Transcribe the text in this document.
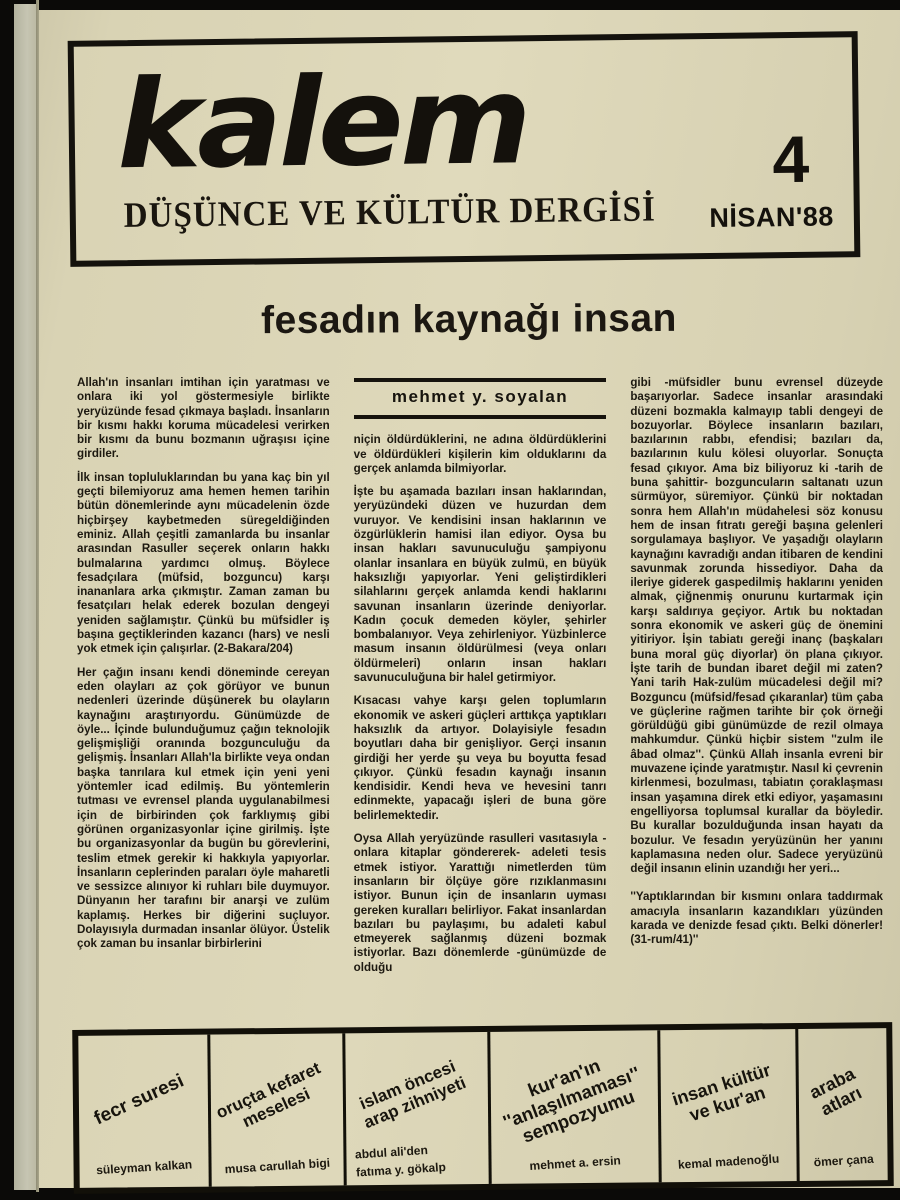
kalem
DÜŞÜNCE VE KÜLTÜR DERGİSİ
4
NİSAN'88
fesadın kaynağı insan

Allah'ın insanları imtihan için yaratması ve onlara iki yol göstermesiyle birlikte yeryüzünde fesad çıkmaya başladı. İnsanların bir kısmı hakkı koruma mücadelesi verirken bir kısmı da bunu bozmanın uğraşısı içine girdiler.

İlk insan topluluklarından bu yana kaç bin yıl geçti bilemiyoruz ama hemen hemen tarihin bütün dönemlerinde aynı mücadelenin özde hiçbirşey kaybetmeden süregeldiğinden eminiz. Allah çeşitli zamanlarda bu insanlar arasından Rasuller seçerek onların hakkı bulmalarına yardımcı olmuş. Böylece fesadçılara (müfsid, bozguncu) karşı inananlara arka çıkmıştır. Zaman zaman bu fesatçıları helak ederek bozulan dengeyi yeniden sağlamıştır. Çünkü bu müfsidler iş başına geçtiklerinden kazancı (hars) ve nesli yok etmek için çalışırlar. (2-Bakara/204)

Her çağın insanı kendi döneminde cereyan eden olayları az çok görüyor ve bunun nedenleri üzerinde düşünerek bu olayların kaynağını araştırıyordu. Günümüzde de öyle... İçinde bulunduğumuz çağın teknolojik gelişmişliği oranında bozgunculuğu da gelişmiş. İnsanları Allah'la birlikte veya ondan başka tanrılara kul etmek için yeni yeni yöntemler icad edilmiş. Bu yöntemlerin tutması ve evrensel planda uygulanabilmesi için de birbirinden çok farklıymış gibi görünen organizasyonlar içine girilmiş. İşte bu organizasyonlar da bugün bu görevlerini, teslim etmek gerekir ki hakkıyla yapıyorlar. İnsanların ceplerinden paraları öyle maharetli ve sessizce alınıyor ki ruhları bile duymuyor. Dünyanın her tarafını bir anarşi ve zulüm kaplamış. Herkes bir diğerini suçluyor. Dolayısıyla durmadan insanlar ölüyor. Üstelik çok zaman bu insanlar birbirlerini

mehmet y. soyalan

niçin öldürdüklerini, ne adına öldürdüklerini ve öldürdükleri kişilerin kim olduklarını da gerçek anlamda bilmiyorlar.

İşte bu aşamada bazıları insan haklarından, yeryüzündeki düzen ve huzurdan dem vuruyor. Ve kendisini insan haklarının ve özgürlüklerin hamisi ilan ediyor. Oysa bu insan hakları savunuculuğu şampiyonu olanlar insanlara en büyük zulmü, en büyük haksızlığı yapıyorlar. Yeni geliştirdikleri silahlarını gerçek anlamda kendi haklarını savunan insanların üzerinde deniyorlar. Kadın çocuk demeden köyler, şehirler bombalanıyor. Veya zehirleniyor. Yüzbinlerce masum insanın öldürülmesi (veya onları öldürmeleri) onların insan hakları savunuculuğuna bir halel getirmiyor.

Kısacası vahye karşı gelen toplumların ekonomik ve askeri güçleri arttıkça yaptıkları haksızlık da artıyor. Dolayisiyle fesadın boyutları daha bir genişliyor. Gerçi insanın girdiği her yerde şu veya bu boyutta fesad çıkıyor. Çünkü fesadın kaynağı insanın kendisidir. Kendi heva ve hevesini tanrı edinmekte, yapacağı işleri de buna göre belirlemektedir.

Oysa Allah yeryüzünde rasulleri vasıtasıyla -onlara kitaplar göndererek- adeleti tesis etmek istiyor. Yarattığı nimetlerden tüm insanların bir ölçüye göre rızıklanmasını istiyor. Bunun için de insanların uyması gereken kuralları belirliyor. Fakat insanlardan bazıları bu paylaşımı, bu adaleti kabul etmeyerek sağlanmış düzeni bozmak istiyorlar. Bazı dönemlerde -günümüzde de olduğu

gibi -müfsidler bunu evrensel düzeyde başarıyorlar. Sadece insanlar arasındaki düzeni bozmakla kalmayıp tabli dengeyi de bozuyorlar. Böylece insanların bazıları, bazılarının rabbı, efendisi; bazıları da, bazılarının kulu kölesi oluyorlar. Sonuçta fesad çıkıyor. Ama biz biliyoruz ki -tarih de buna şahittir- bozguncuların saltanatı uzun sürmüyor, süremiyor. Çünkü bir noktadan sonra hem Allah'ın müdahelesi söz konusu hem de insan fıtratı gereği başına gelenleri sorgulamaya başlıyor. Ve yaşadığı olayların kaynağını kavradığı andan itibaren de kendini savunmak zorunda hissediyor. Daha da ileriye giderek gaspedilmiş haklarını yeniden almak, çiğnenmiş onurunu kurtarmak için karşı saldırıya geçiyor. Artık bu noktadan sonra ekonomik ve askeri güç de önemini yitiriyor. İşin tabiatı gereği inanç (başkaları buna moral güç diyorlar) ön plana çıkıyor. İşte tarih de bundan ibaret değil mi zaten? Yani tarih Hak-zulüm mücadelesi değil mi? Bozguncu (müfsid/fesad çıkaranlar) tüm çaba ve güçlerine rağmen tarihte bir çok örneği görüldüğü gibi günümüzde de rezil olmaya mahkumdur. Çünkü hiçbir sistem ''zulm ile âbad olmaz''. Çünkü Allah insanla evreni bir muvazene içinde yaratmıştır. Nasıl ki çevrenin kirlenmesi, bozulması, tabiatın çoraklaşması insan yaşamına direk etki ediyor, yaşamasını engelliyorsa toplumsal kurallar da böyledir. Bu kurallar bozulduğunda insan hayatı da bozulur. Ve fesadın yeryüzünün her yanını kaplamasına neden olur. Sadece yeryüzünü değil insanın elinin uzandığı her yeri...

''Yaptıklarından bir kısmını onlara taddırmak amacıyla insanların kazandıkları yüzünden karada ve denizde fesad çıktı. Belki dönerler! (31-rum/41)''

fecr suresi
süleyman kalkan
oruçta kefaret
meselesi
musa carullah bigi
islam öncesi
arap zihniyeti
abdul ali'den
fatıma y. gökalp
kur'an'ın
''anlaşılmaması''
sempozyumu
mehmet a. ersin
insan kültür
ve kur'an
kemal madenoğlu
araba
atları
ömer çana
